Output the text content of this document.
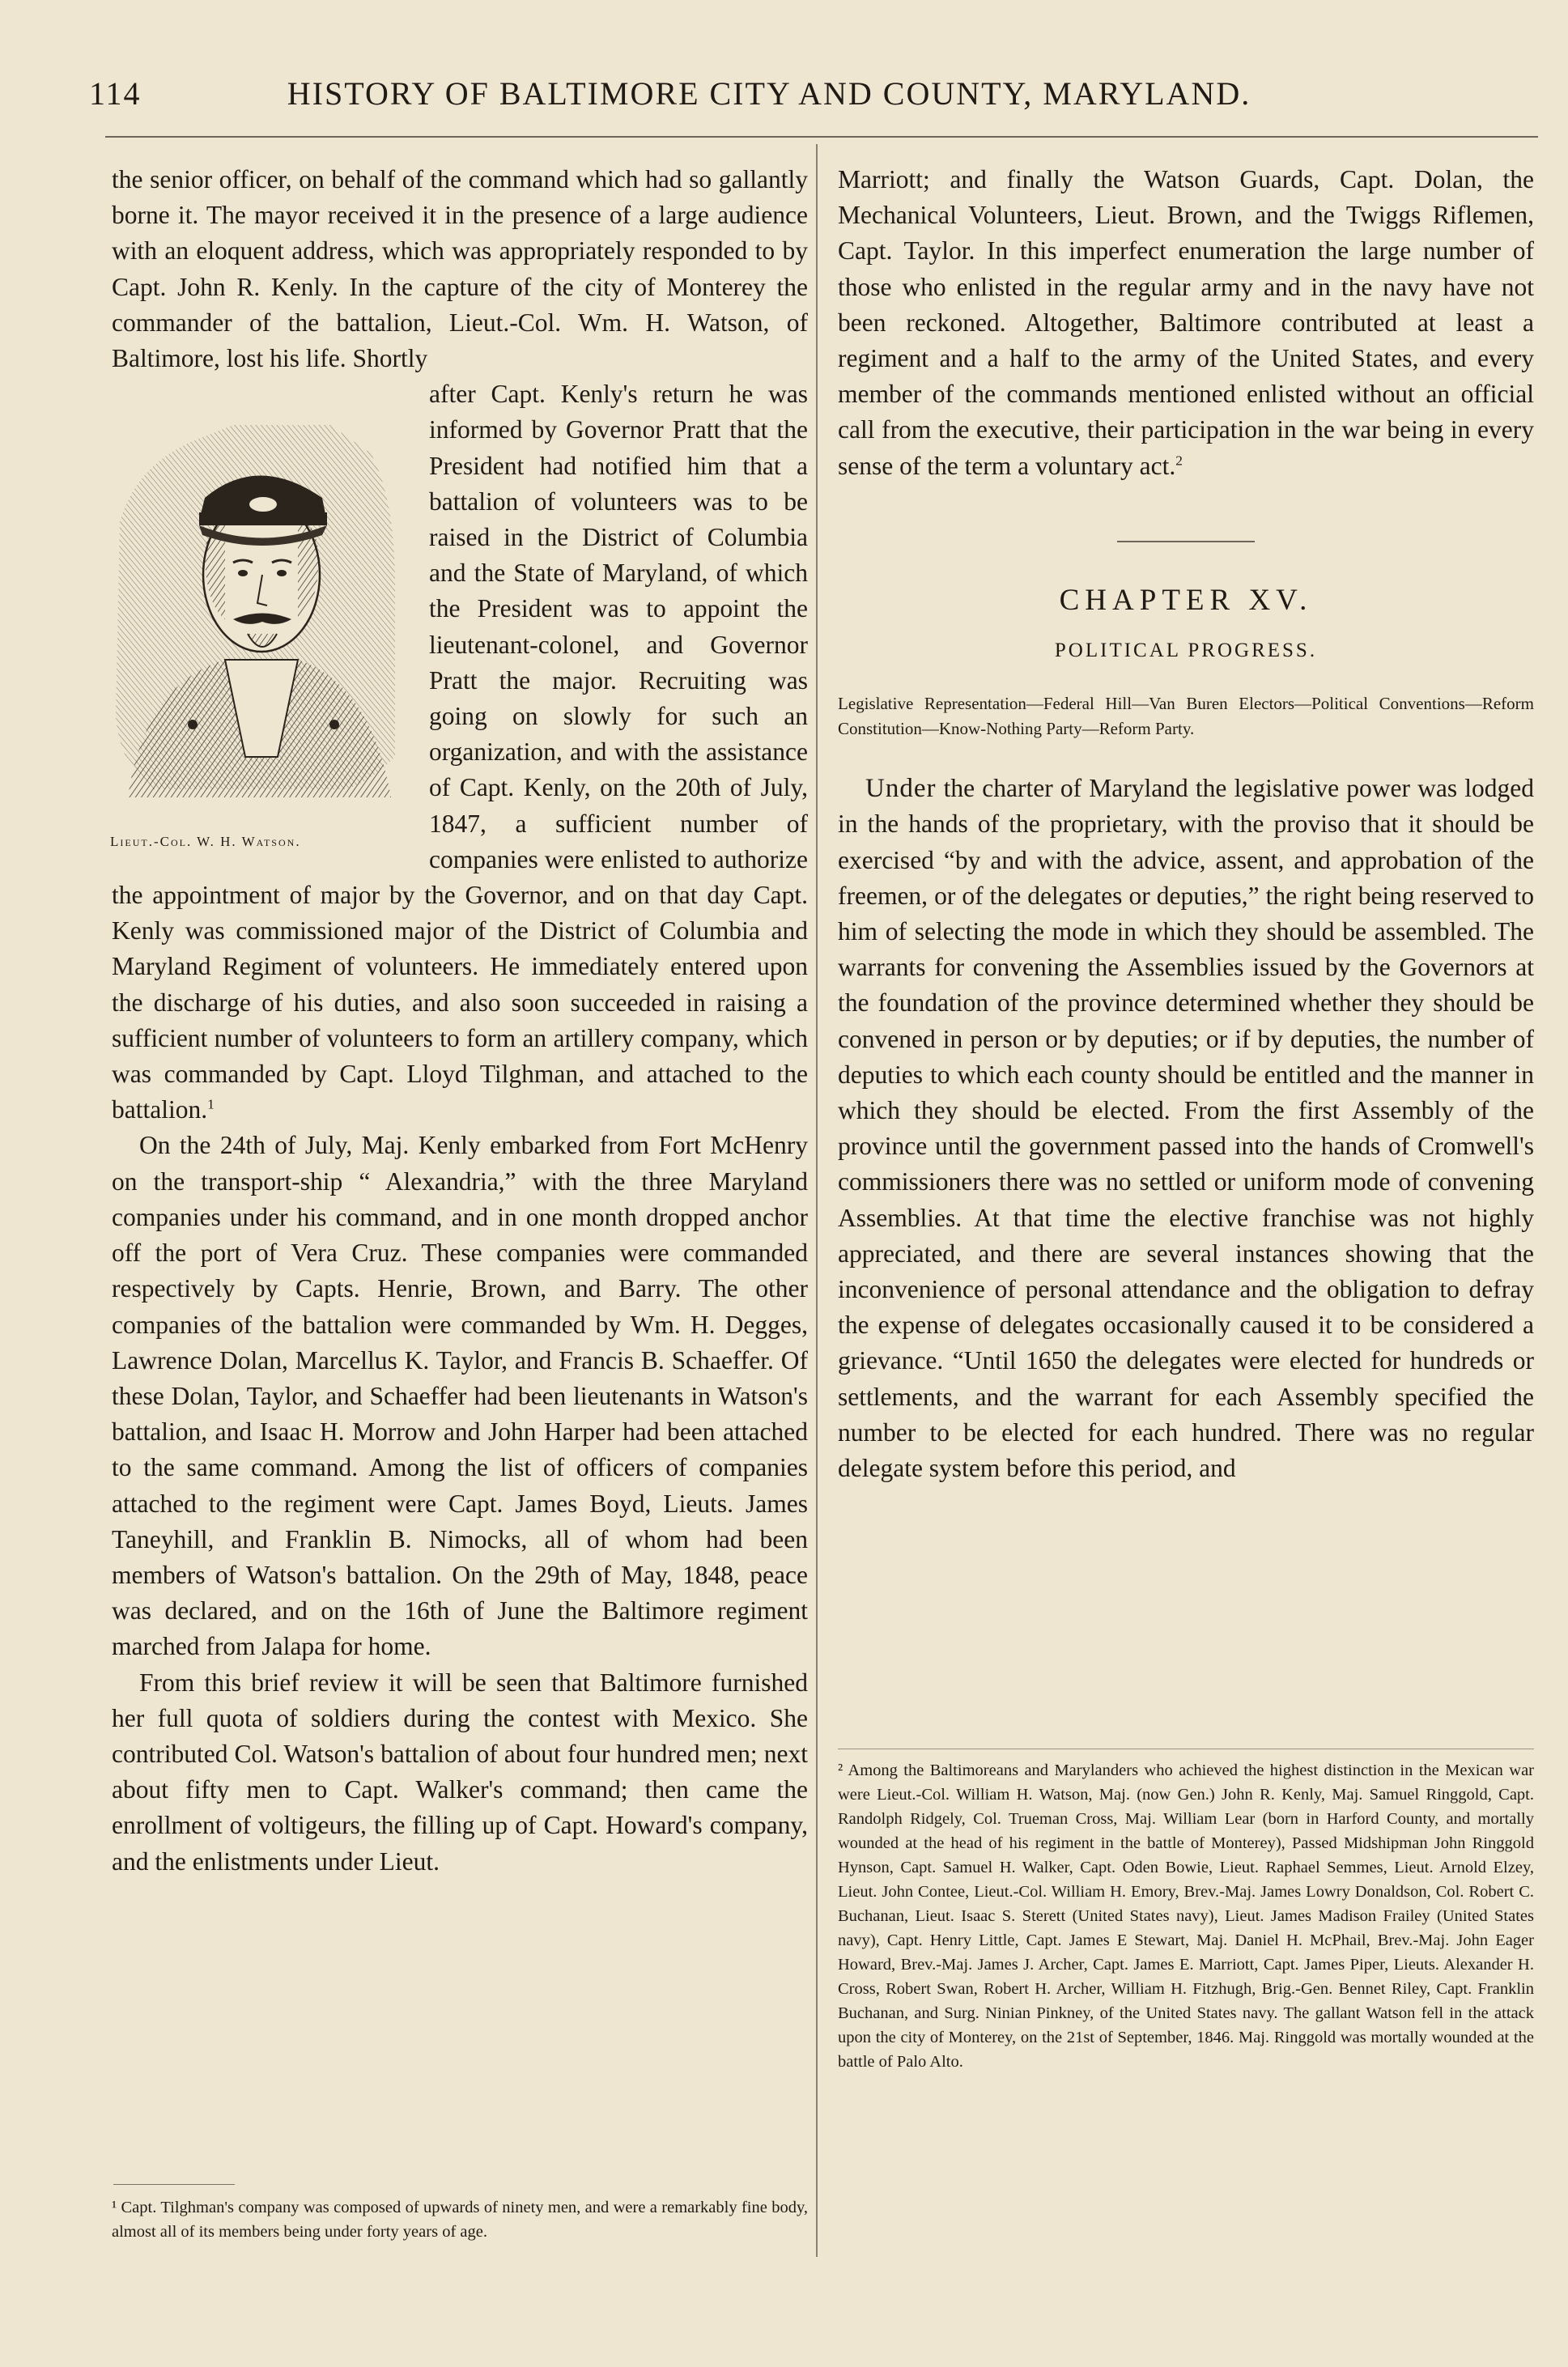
114	HISTORY OF BALTIMORE CITY AND COUNTY, MARYLAND.

the senior officer, on behalf of the command which had so gallantly borne it. The mayor received it in the presence of a large audience with an eloquent address, which was appropriately responded to by Capt. John R. Kenly. In the capture of the city of Monterey the commander of the battalion, Lieut.-Col. Wm. H. Watson, of Baltimore, lost his life. Shortly

Lieut.-Col. W. H. Watson.

after Capt. Kenly's return he was informed by Governor Pratt that the President had notified him that a battalion of volunteers was to be raised in the District of Columbia and the State of Maryland, of which the President was to appoint the lieutenant-colonel, and Governor Pratt the major. Recruiting was going on slowly for such an organization, and with the assistance of Capt. Kenly, on the 20th of July, 1847, a sufficient number of companies were enlisted to authorize the appointment of major by the Governor, and on that day Capt. Kenly was commissioned major of the District of Columbia and Maryland Regiment of volunteers. He immediately entered upon the discharge of his duties, and also soon succeeded in raising a sufficient number of volunteers to form an artillery company, which was commanded by Capt. Lloyd Tilghman, and attached to the battalion.$^1$

On the 24th of July, Maj. Kenly embarked from Fort McHenry on the transport-ship “ Alexandria,” with the three Maryland companies under his command, and in one month dropped anchor off the port of Vera Cruz. These companies were commanded respectively by Capts. Henrie, Brown, and Barry. The other companies of the battalion were commanded by Wm. H. Degges, Lawrence Dolan, Marcellus K. Taylor, and Francis B. Schaeffer. Of these Dolan, Taylor, and Schaeffer had been lieutenants in Watson's battalion, and Isaac H. Morrow and John Harper had been attached to the same command. Among the list of officers of companies attached to the regiment were Capt. James Boyd, Lieuts. James Taneyhill, and Franklin B. Nimocks, all of whom had been members of Watson's battalion. On the 29th of May, 1848, peace was declared, and on the 16th of June the Baltimore regiment marched from Jalapa for home.

From this brief review it will be seen that Baltimore furnished her full quota of soldiers during the contest with Mexico. She contributed Col. Watson's battalion of about four hundred men; next about fifty men to Capt. Walker's command; then came the enrollment of voltigeurs, the filling up of Capt. Howard's company, and the enlistments under Lieut.

¹ Capt. Tilghman's company was composed of upwards of ninety men, and were a remarkably fine body, almost all of its members being under forty years of age.

Marriott; and finally the Watson Guards, Capt. Dolan, the Mechanical Volunteers, Lieut. Brown, and the Twiggs Riflemen, Capt. Taylor. In this imperfect enumeration the large number of those who enlisted in the regular army and in the navy have not been reckoned. Altogether, Baltimore contributed at least a regiment and a half to the army of the United States, and every member of the commands mentioned enlisted without an official call from the executive, their participation in the war being in every sense of the term a voluntary act.$^2$

CHAPTER XV.
POLITICAL PROGRESS.
Legislative Representation—Federal Hill—Van Buren Electors—Political Conventions—Reform Constitution—Know-Nothing Party—Reform Party.

Under the charter of Maryland the legislative power was lodged in the hands of the proprietary, with the proviso that it should be exercised “by and with the advice, assent, and approbation of the freemen, or of the delegates or deputies,” the right being reserved to him of selecting the mode in which they should be assembled. The warrants for convening the Assemblies issued by the Governors at the foundation of the province determined whether they should be convened in person or by deputies; or if by deputies, the number of deputies to which each county should be entitled and the manner in which they should be elected. From the first Assembly of the province until the government passed into the hands of Cromwell's commissioners there was no settled or uniform mode of convening Assemblies. At that time the elective franchise was not highly appreciated, and there are several instances showing that the inconvenience of personal attendance and the obligation to defray the expense of delegates occasionally caused it to be considered a grievance. “Until 1650 the delegates were elected for hundreds or settlements, and the warrant for each Assembly specified the number to be elected for each hundred. There was no regular delegate system before this period, and

² Among the Baltimoreans and Marylanders who achieved the highest distinction in the Mexican war were Lieut.-Col. William H. Watson, Maj. (now Gen.) John R. Kenly, Maj. Samuel Ringgold, Capt. Randolph Ridgely, Col. Trueman Cross, Maj. William Lear (born in Harford County, and mortally wounded at the head of his regiment in the battle of Monterey), Passed Midshipman John Ringgold Hynson, Capt. Samuel H. Walker, Capt. Oden Bowie, Lieut. Raphael Semmes, Lieut. Arnold Elzey, Lieut. John Contee, Lieut.-Col. William H. Emory, Brev.-Maj. James Lowry Donaldson, Col. Robert C. Buchanan, Lieut. Isaac S. Sterett (United States navy), Lieut. James Madison Frailey (United States navy), Capt. Henry Little, Capt. James E Stewart, Maj. Daniel H. McPhail, Brev.-Maj. John Eager Howard, Brev.-Maj. James J. Archer, Capt. James E. Marriott, Capt. James Piper, Lieuts. Alexander H. Cross, Robert Swan, Robert H. Archer, William H. Fitzhugh, Brig.-Gen. Bennet Riley, Capt. Franklin Buchanan, and Surg. Ninian Pinkney, of the United States navy. The gallant Watson fell in the attack upon the city of Monterey, on the 21st of September, 1846. Maj. Ringgold was mortally wounded at the battle of Palo Alto.
